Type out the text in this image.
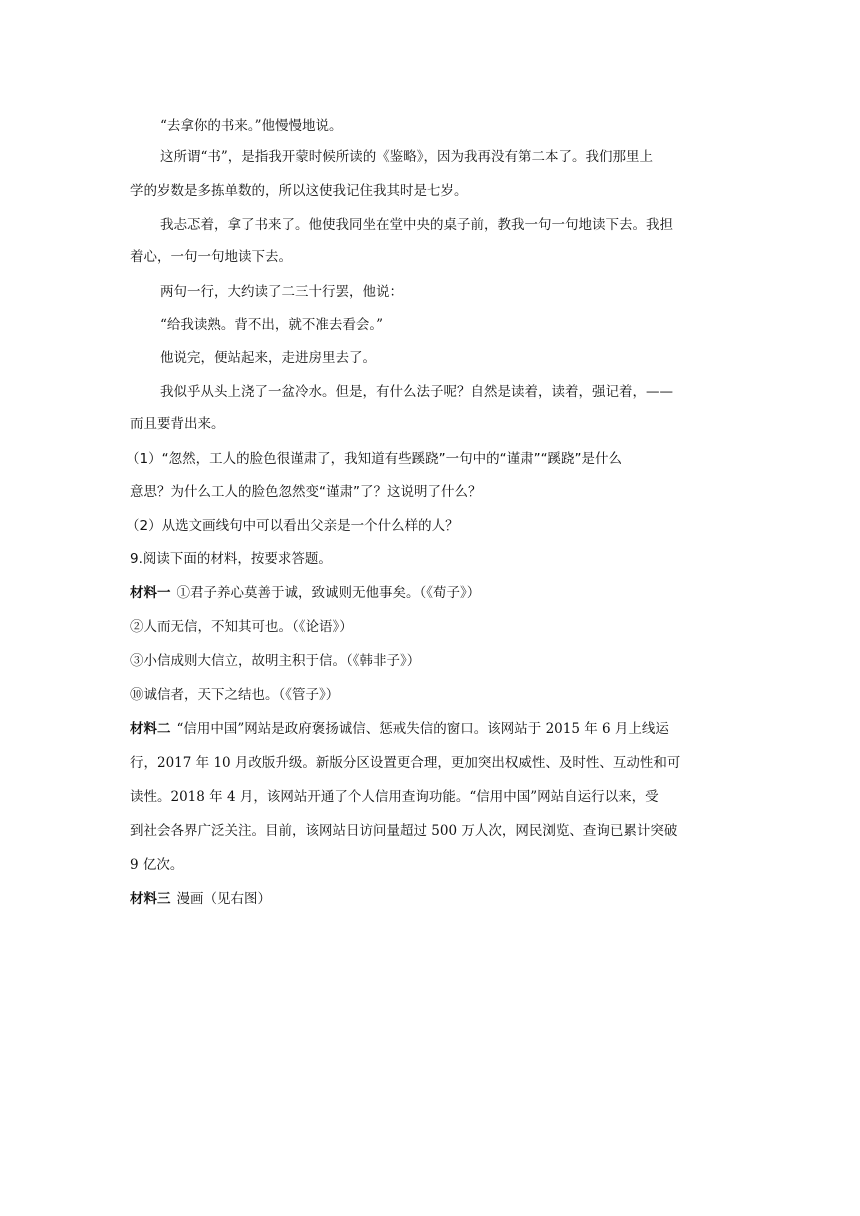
“去拿你的书来。”他慢慢地说。
这所谓“书”，是指我开蒙时候所读的《鉴略》，因为我再没有第二本了。我们那里上
学的岁数是多拣单数的，所以这使我记住我其时是七岁。
我忐忑着，拿了书来了。他使我同坐在堂中央的桌子前，教我一句一句地读下去。我担
着心，一句一句地读下去。
两句一行，大约读了二三十行罢，他说：
“给我读熟。背不出，就不准去看会。”
他说完，便站起来，走进房里去了。
我似乎从头上浇了一盆冷水。但是，有什么法子呢？自然是读着，读着，强记着，——
而且要背出来。
（1）“忽然，工人的脸色很谨肃了，我知道有些蹊跷”一句中的“谨肃”“蹊跷”是什么
意思？为什么工人的脸色忽然变“谨肃”了？这说明了什么？
（2）从选文画线句中可以看出父亲是一个什么样的人？
9.阅读下面的材料，按要求答题。
材料一 ①君子养心莫善于诚，致诚则无他事矣。（《荀子》）
②人而无信，不知其可也。（《论语》）
③小信成则大信立，故明主积于信。（《韩非子》）
⑩诚信者，天下之结也。（《管子》）
材料二 “信用中国”网站是政府褒扬诚信、惩戒失信的窗口。该网站于 2015 年 6 月上线运
行，2017 年 10 月改版升级。新版分区设置更合理，更加突出权威性、及时性、互动性和可
读性。2018 年 4 月，该网站开通了个人信用查询功能。“信用中国”网站自运行以来，受
到社会各界广泛关注。目前，该网站日访问量超过 500 万人次，网民浏览、查询已累计突破
9 亿次。
材料三 漫画（见右图）
